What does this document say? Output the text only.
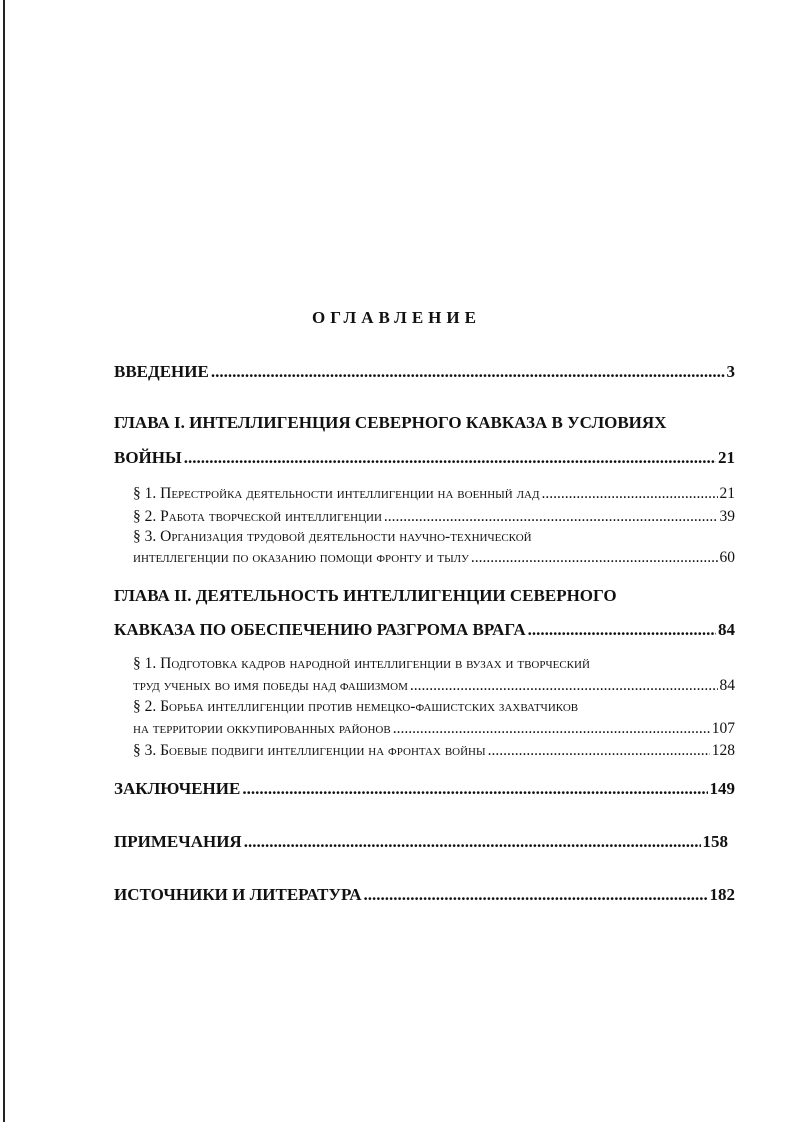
ОГЛАВЛЕНИЕ
ВВЕДЕНИЕ .....	3
ГЛАВА I. ИНТЕЛЛИГЕНЦИЯ СЕВЕРНОГО КАВКАЗА В УСЛОВИЯХ
ВОЙНЫ .....	21
§ 1. Перестройка деятельности интеллигенции на военный лад .....	21
§ 2. Работа творческой интеллигенции .....	39
§ 3. Организация трудовой деятельности научно-технической
интеллегенции по оказанию помощи фронту и тылу .....	60
ГЛАВА II. ДЕЯТЕЛЬНОСТЬ ИНТЕЛЛИГЕНЦИИ СЕВЕРНОГО
КАВКАЗА ПО ОБЕСПЕЧЕНИЮ РАЗГРОМА ВРАГА .....	84
§ 1. Подготовка кадров народной интеллигенции в вузах и творческий
труд ученых во имя победы над фашизмом .....	84
§ 2. Борьба интеллигенции против немецко-фашистских захватчиков
на территории оккупированных районов .....	107
§ 3. Боевые подвиги интеллигенции на фронтах войны .....	128
ЗАКЛЮЧЕНИЕ .....	149
ПРИМЕЧАНИЯ .....	158
ИСТОЧНИКИ И ЛИТЕРАТУРА .....	182
